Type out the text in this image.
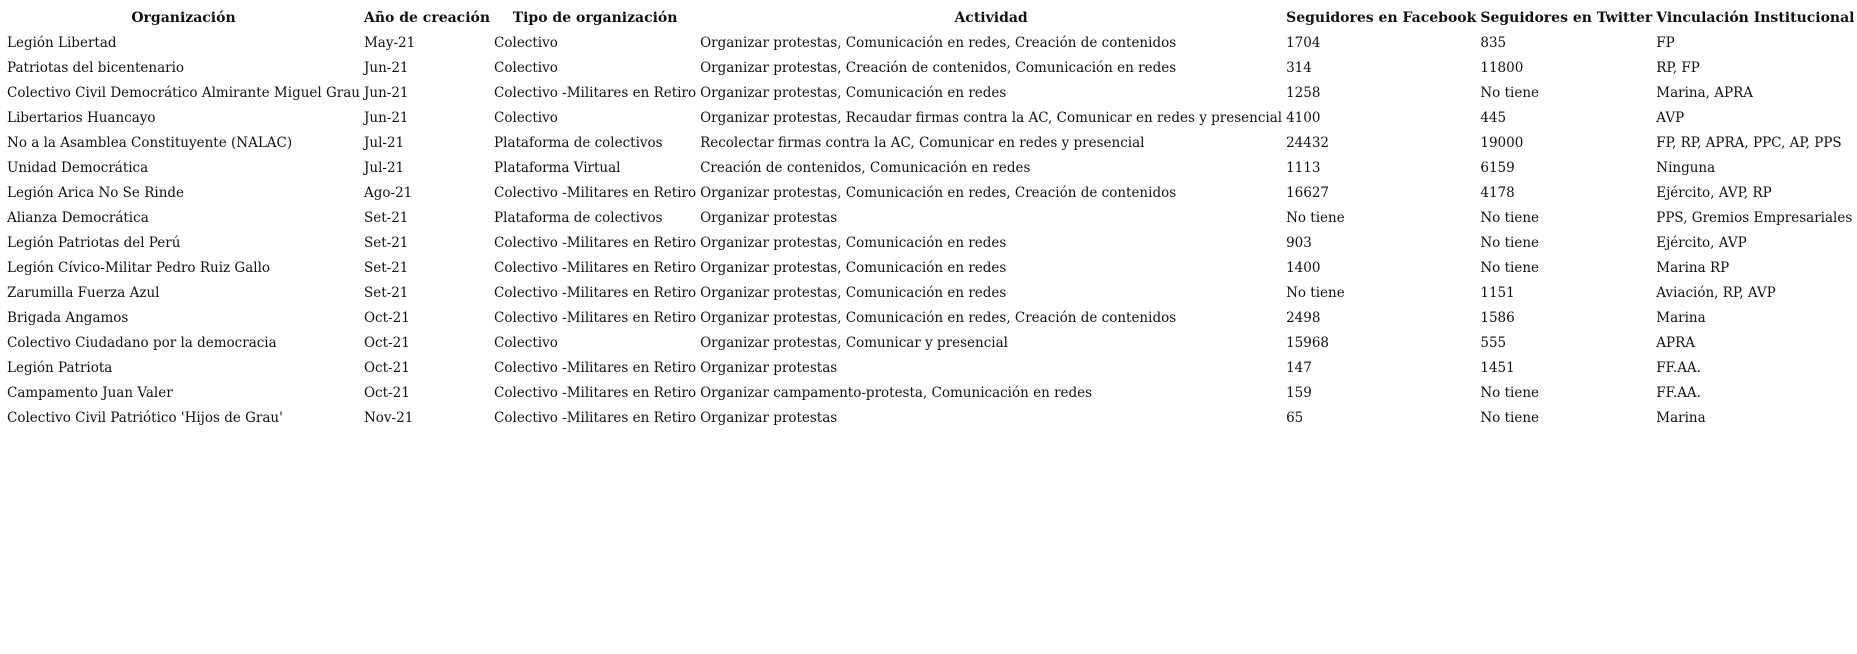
Organización	Año de creación	Tipo de organización	Actividad	Seguidores en Facebook	Seguidores en Twitter	Vinculación Institucional
Legión Libertad	May-21	Colectivo	Organizar protestas, Comunicación en redes, Creación de contenidos	1704	835	FP
Patriotas del bicentenario	Jun-21	Colectivo	Organizar protestas, Creación de contenidos, Comunicación en redes	314	11800	RP, FP
Colectivo Civil Democrático Almirante Miguel Grau	Jun-21	Colectivo -Militares en Retiro	Organizar protestas, Comunicación en redes	1258	No tiene	Marina, APRA
Libertarios Huancayo	Jun-21	Colectivo	Organizar protestas, Recaudar firmas contra la AC, Comunicar en redes y presencial	4100	445	AVP
No a la Asamblea Constituyente (NALAC)	Jul-21	Plataforma de colectivos	Recolectar firmas contra la AC, Comunicar en redes y presencial	24432	19000	FP, RP, APRA, PPC, AP, PPS
Unidad Democrática	Jul-21	Plataforma Virtual	Creación de contenidos, Comunicación en redes	1113	6159	Ninguna
Legión Arica No Se Rinde	Ago-21	Colectivo -Militares en Retiro	Organizar protestas, Comunicación en redes, Creación de contenidos	16627	4178	Ejército, AVP, RP
Alianza Democrática	Set-21	Plataforma de colectivos	Organizar protestas	No tiene	No tiene	PPS, Gremios Empresariales
Legión Patriotas del Perú	Set-21	Colectivo -Militares en Retiro	Organizar protestas, Comunicación en redes	903	No tiene	Ejército, AVP
Legión Cívico-Militar Pedro Ruiz Gallo	Set-21	Colectivo -Militares en Retiro	Organizar protestas, Comunicación en redes	1400	No tiene	Marina RP
Zarumilla Fuerza Azul	Set-21	Colectivo -Militares en Retiro	Organizar protestas, Comunicación en redes	No tiene	1151	Aviación, RP, AVP
Brigada Angamos	Oct-21	Colectivo -Militares en Retiro	Organizar protestas, Comunicación en redes, Creación de contenidos	2498	1586	Marina
Colectivo Ciudadano por la democracia	Oct-21	Colectivo	Organizar protestas, Comunicar y presencial	15968	555	APRA
Legión Patriota	Oct-21	Colectivo -Militares en Retiro	Organizar protestas	147	1451	FF.AA.
Campamento Juan Valer	Oct-21	Colectivo -Militares en Retiro	Organizar campamento-protesta, Comunicación en redes	159	No tiene	FF.AA.
Colectivo Civil Patriótico 'Hijos de Grau'	Nov-21	Colectivo -Militares en Retiro	Organizar protestas	65	No tiene	Marina
